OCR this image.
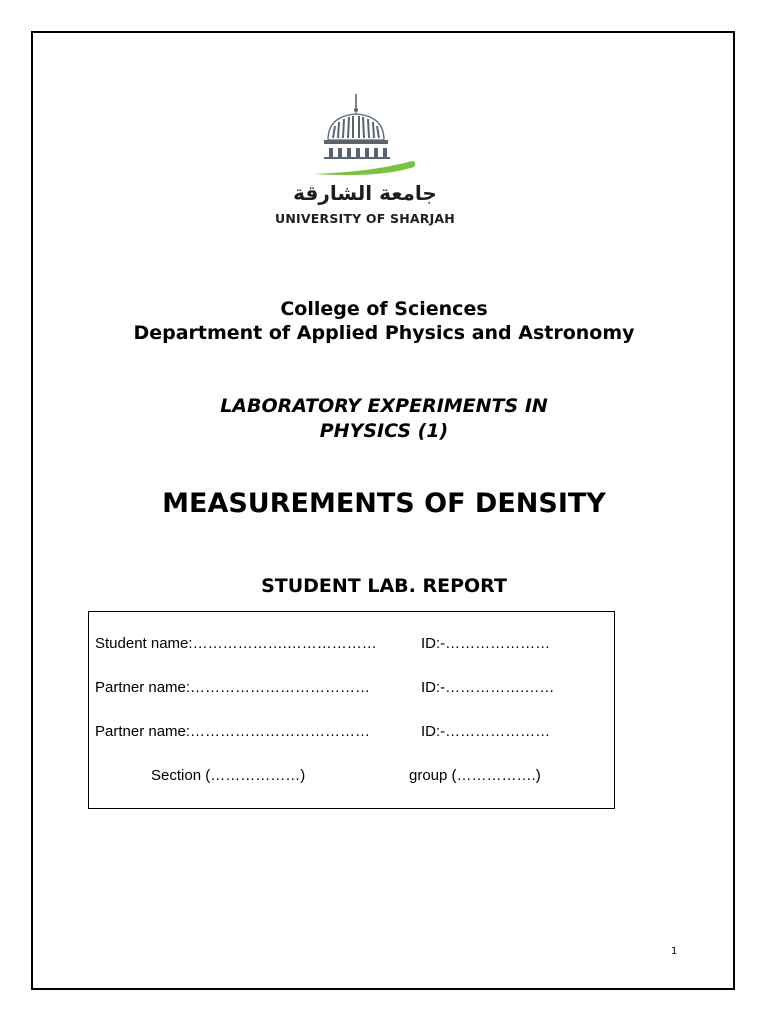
جامعة الشارقة
UNIVERSITY OF SHARJAH
College of Sciences
Department of Applied Physics and Astronomy
LABORATORY EXPERIMENTS IN
PHYSICS (1)
MEASUREMENTS OF DENSITY
STUDENT LAB. REPORT
Student name:……………….………………	ID:-…………………
Partner name:………………………………	ID:-…………….……
Partner name:………………………………	ID:-…………………
Section (………………)	group (…………….)
1
